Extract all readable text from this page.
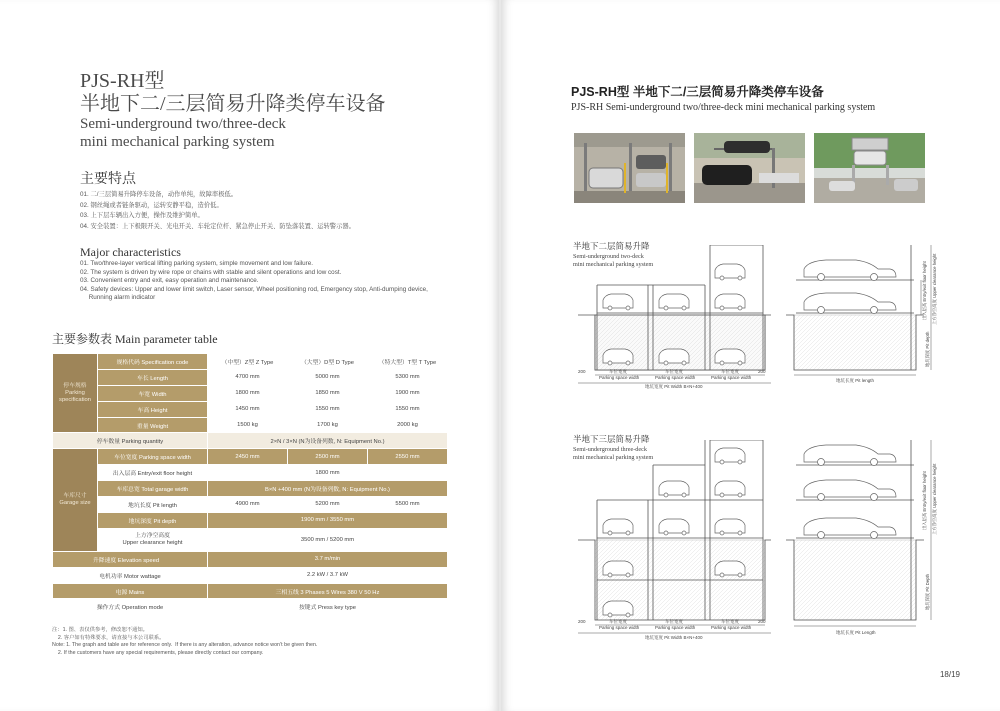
PJS-RH型
半地下二/三层简易升降类停车设备
Semi-underground two/three-deck
mini mechanical parking system
主要特点
01. 二/三层简易升降停车设备，动作单纯，故障率极低。
02. 钢丝绳或者链条驱动，运转安静平稳，造价低。
03. 上下层车辆出入方便，操作及维护简单。
04. 安全装置：上下极限开关、光电开关、车轮定位杆、紧急停止开关、防坠落装置、运转警示器。
Major characteristics
01. Two/three-layer vertical lifting parking system, simple movement and low failure.
02. The system is driven by wire rope or chains with stable and silent operations and low cost.
03. Convenient entry and exit, easy operation and maintenance.
04. Safety devices: Upper and lower limit switch, Laser sensor, Wheel positioning rod, Emergency stop, Anti-dumping device,
Running alarm indicator
主要参数表 Main parameter table
停车规格
Parking
specification	规格代码 Specification code	（中型）Z型 Z Type	（大型）D型 D Type	（特大型）T型 T Type
	车长 Length	4700 mm	5000 mm	5300 mm
	车宽 Width	1800 mm	1850 mm	1900 mm
	车高 Height	1450 mm	1550 mm	1550 mm
	重量 Weight	1500 kg	1700 kg	2000 kg
停车数量 Parking quantity		2×N / 3×N (N为设备列数, N: Equipment No.)		
车库尺寸
Garage size	车位宽度 Parking space width	2450 mm	2500 mm	2550 mm
	出入层高 Entry/exit floor height	1800 mm		
	车库总宽 Total garage width	B×N +400 mm (N为设备列数, N: Equipment No.)		
	地坑长度 Pit length	4900 mm	5200 mm	5500 mm
	地坑深度 Pit depth	1900 mm / 3550 mm		

	上方净空高度
Upper clearance height	3500 mm / 5200 mm		
升降速度 Elevation speed		3.7 m/min		
电机功率 Motor wattage		2.2 kW / 3.7 kW		
电源 Mains		三相五线 3 Phases 5 Wires 380 V 50 Hz		
操作方式 Operation mode		按键式 Press key type		
注：1. 图、表仅供参考，修改恕不通知。
2. 客户如有特殊要求，请直接与本公司联系。
Note: 1. The graph and table are for reference only.  If there is any alteration, advance notice won’t be given then.
2. If the customers have any special requirements, please directly contact our company.
PJS-RH型 半地下二/三层简易升降类停车设备
PJS-RH Semi-underground two/three-deck mini mechanical parking system
半地下二层简易升降
Semi-underground two-deck
mini mechanical parking system
200	200
车位宽度	车位宽度	车位宽度
Parking space width	Parking space width	Parking space width
地坑宽度 Pit Width B×N+400
地坑长度 Pit length
出入层高 Entry/exit floor height 上方净空高度 Upper clearance height
地坑深度 Pit depth
半地下三层简易升降
Semi-underground three-deck
mini mechanical parking system
200	200
车位宽度	车位宽度	车位宽度
Parking space width	Parking space width	Parking space width
地坑宽度 Pit Width B×N+400
地坑长度 Pit Length
出入层高 Entry/exit floor height 上方净空高度 Upper clearance height
地坑深度 Pit Depth
18/19
